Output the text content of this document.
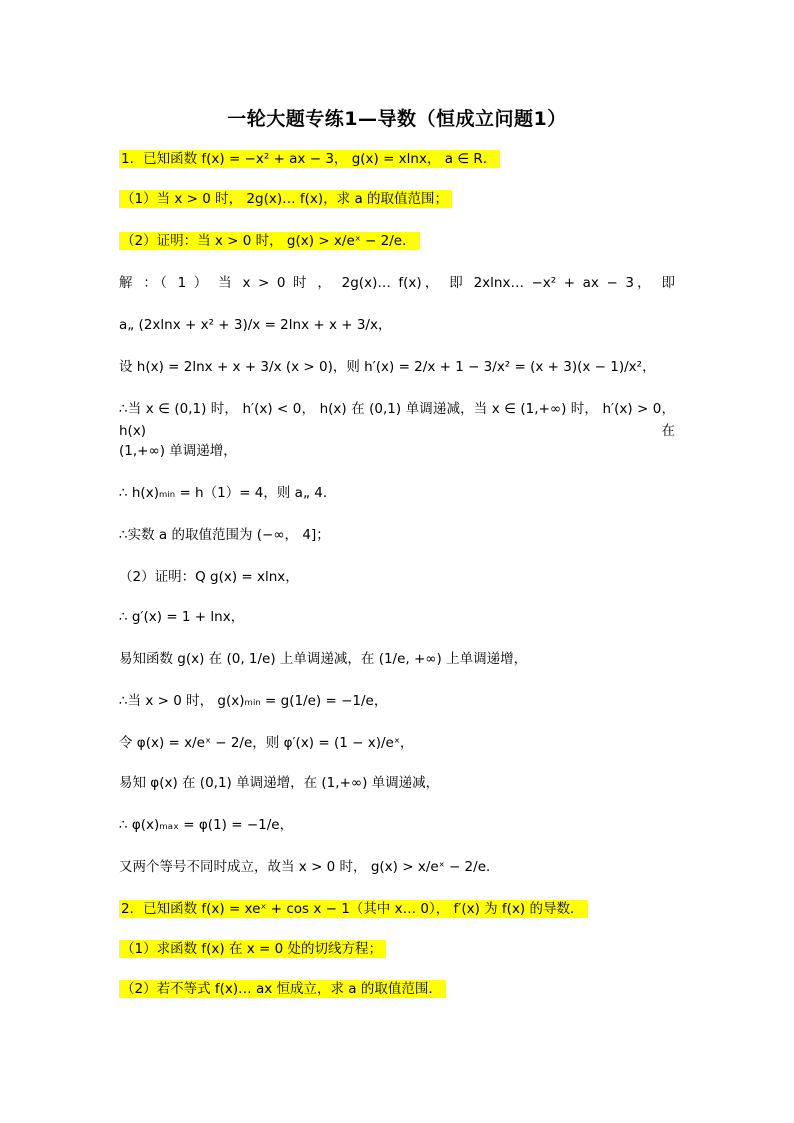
一轮大题专练1—导数（恒成立问题1）
1．已知函数 f(x) = −x² + ax − 3， g(x) = xlnx， a ∈ R．
（1）当 x > 0 时， 2g(x)… f(x)，求 a 的取值范围；
（2）证明：当 x > 0 时， g(x) > x/eˣ − 2/e．
解 ：（ 1 ） 当 x > 0 时 ， 2g(x)… f(x)， 即 2xlnx… −x² + ax − 3， 即
a„ (2xlnx + x² + 3)/x = 2lnx + x + 3/x，
设 h(x) = 2lnx + x + 3/x (x > 0)，则 h′(x) = 2/x + 1 − 3/x² = (x + 3)(x − 1)/x²，
∴当 x ∈ (0,1) 时， h′(x) < 0， h(x) 在 (0,1) 单调递减，当 x ∈ (1,+∞) 时， h′(x) > 0， h(x) 在
(1,+∞) 单调递增，
∴ h(x)ₘᵢₙ = h（1）= 4，则 a„ 4．
∴实数 a 的取值范围为 (−∞， 4]；
（2）证明：Q g(x) = xlnx，
∴ g′(x) = 1 + lnx，
易知函数 g(x) 在 (0, 1/e) 上单调递减，在 (1/e, +∞) 上单调递增，
∴当 x > 0 时， g(x)ₘᵢₙ = g(1/e) = −1/e，
令 φ(x) = x/eˣ − 2/e，则 φ′(x) = (1 − x)/eˣ，
易知 φ(x) 在 (0,1) 单调递增，在 (1,+∞) 单调递减，
∴ φ(x)ₘₐₓ = φ(1) = −1/e，
又两个等号不同时成立，故当 x > 0 时， g(x) > x/eˣ − 2/e．
2．已知函数 f(x) = xeˣ + cos x − 1（其中 x… 0）， f′(x) 为 f(x) 的导数．
（1）求函数 f(x) 在 x = 0 处的切线方程；
（2）若不等式 f(x)… ax 恒成立，求 a 的取值范围．
